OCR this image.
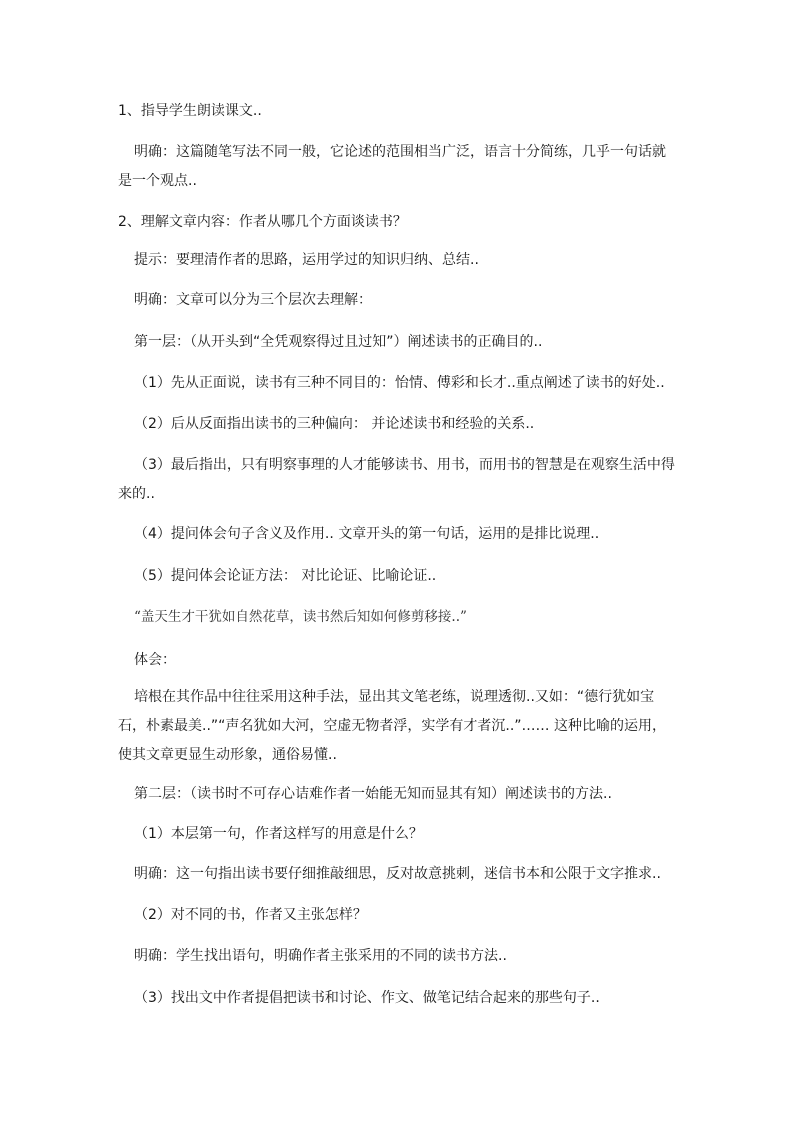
1、指导学生朗读课文..

明确：这篇随笔写法不同一般，它论述的范围相当广泛，语言十分简练，几乎一句话就是一个观点..

2、理解文章内容：作者从哪几个方面谈读书？

提示：要理清作者的思路，运用学过的知识归纳、总结..

明确：文章可以分为三个层次去理解：

第一层：（从开头到“全凭观察得过且过知”）阐述读书的正确目的..

（1）先从正面说，读书有三种不同目的：怡情、傅彩和长才..重点阐述了读书的好处..

（2）后从反面指出读书的三种偏向： 并论述读书和经验的关系..

（3）最后指出，只有明察事理的人才能够读书、用书，而用书的智慧是在观察生活中得来的..

（4）提问体会句子含义及作用.. 文章开头的第一句话，运用的是排比说理..

（5）提问体会论证方法： 对比论证、比喻论证..

“盖天生才干犹如自然花草，读书然后知如何修剪移接..”

体会：

培根在其作品中往往采用这种手法，显出其文笔老练，说理透彻..又如：“德行犹如宝石，朴素最美..”“声名犹如大河，空虚无物者浮，实学有才者沉..”…… 这种比喻的运用，使其文章更显生动形象，通俗易懂..

第二层：（读书时不可存心诘难作者一始能无知而显其有知）阐述读书的方法..

（1）本层第一句，作者这样写的用意是什么？

明确：这一句指出读书要仔细推敲细思，反对故意挑刺，迷信书本和公限于文字推求..

（2）对不同的书，作者又主张怎样？

明确：学生找出语句，明确作者主张采用的不同的读书方法..

（3）找出文中作者提倡把读书和讨论、作文、做笔记结合起来的那些句子..
